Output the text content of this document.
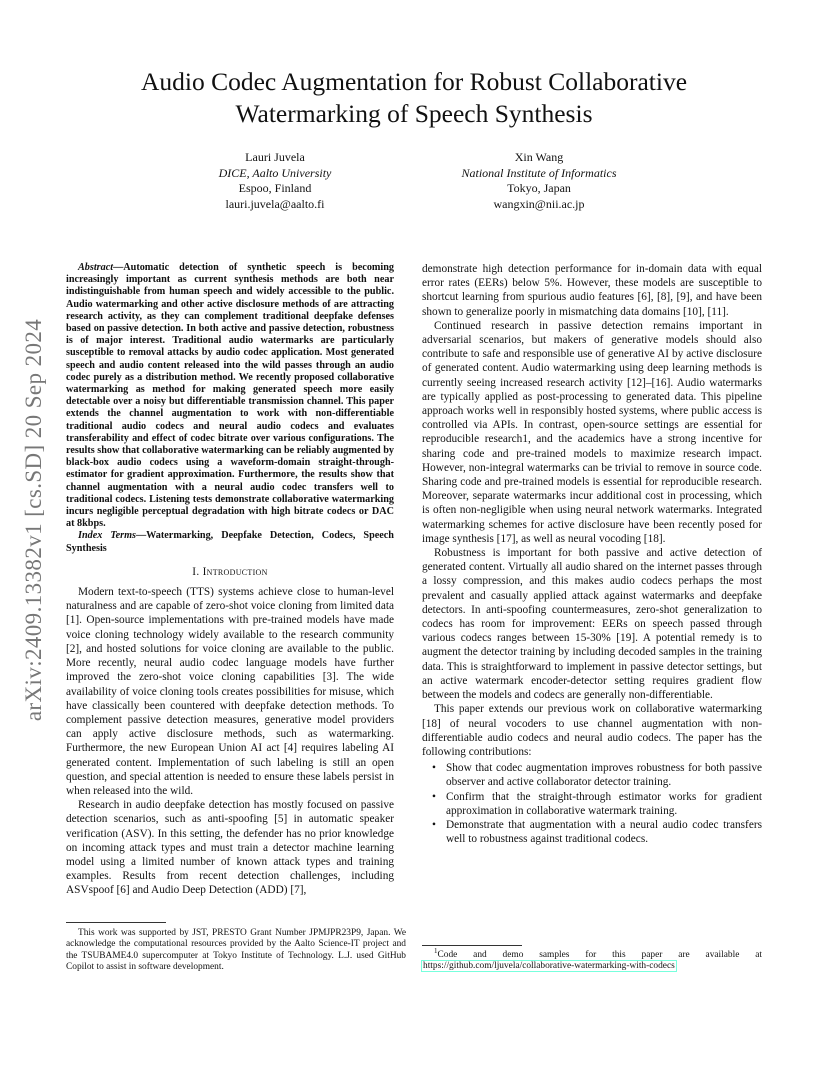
Audio Codec Augmentation for Robust Collaborative
Watermarking of Speech Synthesis
Lauri Juvela
DICE, Aalto University
Espoo, Finland
lauri.juvela@aalto.fi
Xin Wang
National Institute of Informatics
Tokyo, Japan
wangxin@nii.ac.jp
arXiv:2409.13382v1 [cs.SD] 20 Sep 2024

Abstract—Automatic detection of synthetic speech is becoming increasingly important as current synthesis methods are both near indistinguishable from human speech and widely accessible to the public. Audio watermarking and other active disclosure methods of are attracting research activity, as they can complement traditional deepfake defenses based on passive detection. In both active and passive detection, robustness is of major interest. Traditional audio watermarks are particularly susceptible to removal attacks by audio codec application. Most generated speech and audio content released into the wild passes through an audio codec purely as a distribution method. We recently proposed collaborative watermarking as method for making generated speech more easily detectable over a noisy but differentiable transmission channel. This paper extends the channel augmentation to work with non-differentiable traditional audio codecs and neural audio codecs and evaluates transferability and effect of codec bitrate over various configurations. The results show that collaborative watermarking can be reliably augmented by black-box audio codecs using a waveform-domain straight-through-estimator for gradient approximation. Furthermore, the results show that channel augmentation with a neural audio codec transfers well to traditional codecs. Listening tests demonstrate collaborative watermarking incurs negligible perceptual degradation with high bitrate codecs or DAC at 8kbps.

Index Terms—Watermarking, Deepfake Detection, Codecs, Speech Synthesis

I. Introduction

Modern text-to-speech (TTS) systems achieve close to human-level naturalness and are capable of zero-shot voice cloning from limited data [1]. Open-source implementations with pre-trained models have made voice cloning technology widely available to the research community [2], and hosted solutions for voice cloning are available to the public. More recently, neural audio codec language models have further improved the zero-shot voice cloning capabilities [3]. The wide availability of voice cloning tools creates possibilities for misuse, which have classically been countered with deepfake detection methods. To complement passive detection measures, generative model providers can apply active disclosure methods, such as watermarking. Furthermore, the new European Union AI act [4] requires labeling AI generated content. Implementation of such labeling is still an open question, and special attention is needed to ensure these labels persist in when released into the wild.

Research in audio deepfake detection has mostly focused on passive detection scenarios, such as anti-spoofing [5] in automatic speaker verification (ASV). In this setting, the defender has no prior knowledge on incoming attack types and must train a detector machine learning model using a limited number of known attack types and training examples. Results from recent detection challenges, including ASVspoof [6] and Audio Deep Detection (ADD) [7],

This work was supported by JST, PRESTO Grant Number JPMJPR23P9, Japan. We acknowledge the computational resources provided by the Aalto Science-IT project and the TSUBAME4.0 supercomputer at Tokyo Institute of Technology. L.J. used GitHub Copilot to assist in software development.

demonstrate high detection performance for in-domain data with equal error rates (EERs) below 5%. However, these models are susceptible to shortcut learning from spurious audio features [6], [8], [9], and have been shown to generalize poorly in mismatching data domains [10], [11].

Continued research in passive detection remains important in adversarial scenarios, but makers of generative models should also contribute to safe and responsible use of generative AI by active disclosure of generated content. Audio watermarking using deep learning methods is currently seeing increased research activity [12]–[16]. Audio watermarks are typically applied as post-processing to generated data. This pipeline approach works well in responsibly hosted systems, where public access is controlled via APIs. In contrast, open-source settings are essential for reproducible research1, and the academics have a strong incentive for sharing code and pre-trained models to maximize research impact. However, non-integral watermarks can be trivial to remove in source code. Sharing code and pre-trained models is essential for reproducible research. Moreover, separate watermarks incur additional cost in processing, which is often non-negligible when using neural network watermarks. Integrated watermarking schemes for active disclosure have been recently posed for image synthesis [17], as well as neural vocoding [18].

Robustness is important for both passive and active detection of generated content. Virtually all audio shared on the internet passes through a lossy compression, and this makes audio codecs perhaps the most prevalent and casually applied attack against watermarks and deepfake detectors. In anti-spoofing countermeasures, zero-shot generalization to codecs has room for improvement: EERs on speech passed through various codecs ranges between 15-30% [19]. A potential remedy is to augment the detector training by including decoded samples in the training data. This is straightforward to implement in passive detector settings, but an active watermark encoder-detector setting requires gradient flow between the models and codecs are generally non-differentiable.

This paper extends our previous work on collaborative watermarking [18] of neural vocoders to use channel augmentation with non-differentiable audio codecs and neural audio codecs. The paper has the following contributions:

• Show that codec augmentation improves robustness for both passive observer and active collaborator detector training.
• Confirm that the straight-through estimator works for gradient approximation in collaborative watermark training.
• Demonstrate that augmentation with a neural audio codec transfers well to robustness against traditional codecs.
$^1$Code and demo samples for this paper are available at https://github.com/ljuvela/collaborative-watermarking-with-codecs
